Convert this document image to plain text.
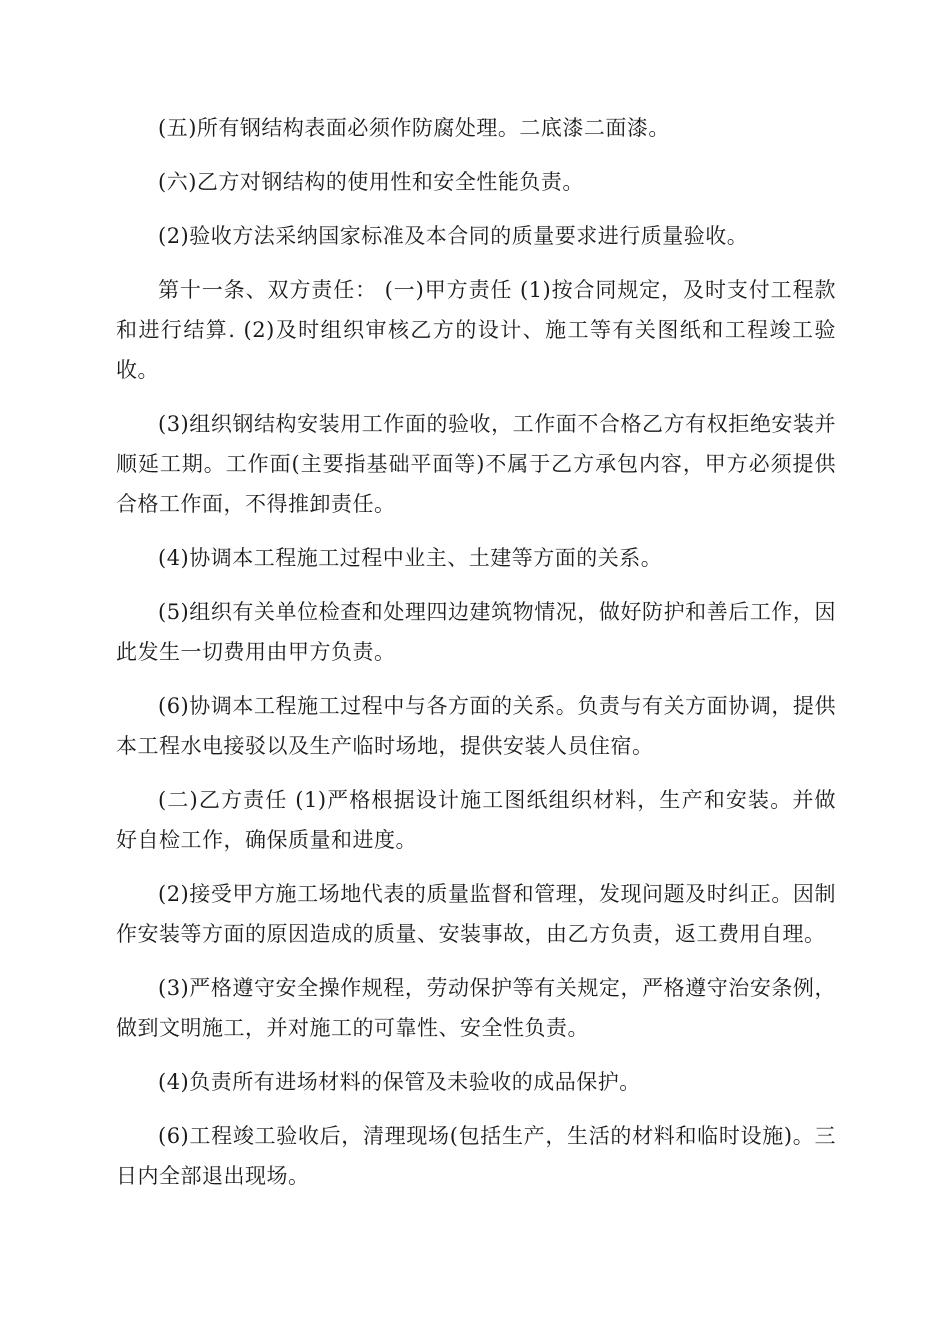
(五)所有钢结构表面必须作防腐处理。二底漆二面漆。

(六)乙方对钢结构的使用性和安全性能负责。

(2)验收方法采纳国家标准及本合同的质量要求进行质量验收。

第十一条、双方责任： (一)甲方责任 (1)按合同规定，及时支付工程款和进行结算. (2)及时组织审核乙方的设计、施工等有关图纸和工程竣工验收。

(3)组织钢结构安装用工作面的验收，工作面不合格乙方有权拒绝安装并顺延工期。工作面(主要指基础平面等)不属于乙方承包内容，甲方必须提供合格工作面，不得推卸责任。

(4)协调本工程施工过程中业主、土建等方面的关系。

(5)组织有关单位检查和处理四边建筑物情况，做好防护和善后工作，因此发生一切费用由甲方负责。

(6)协调本工程施工过程中与各方面的关系。负责与有关方面协调，提供本工程水电接驳以及生产临时场地，提供安装人员住宿。

(二)乙方责任 (1)严格根据设计施工图纸组织材料，生产和安装。并做好自检工作，确保质量和进度。

(2)接受甲方施工场地代表的质量监督和管理，发现问题及时纠正。因制作安装等方面的原因造成的质量、安装事故，由乙方负责，返工费用自理。

(3)严格遵守安全操作规程，劳动保护等有关规定，严格遵守治安条例，做到文明施工，并对施工的可靠性、安全性负责。

(4)负责所有进场材料的保管及未验收的成品保护。

(6)工程竣工验收后，清理现场(包括生产，生活的材料和临时设施)。三日内全部退出现场。
